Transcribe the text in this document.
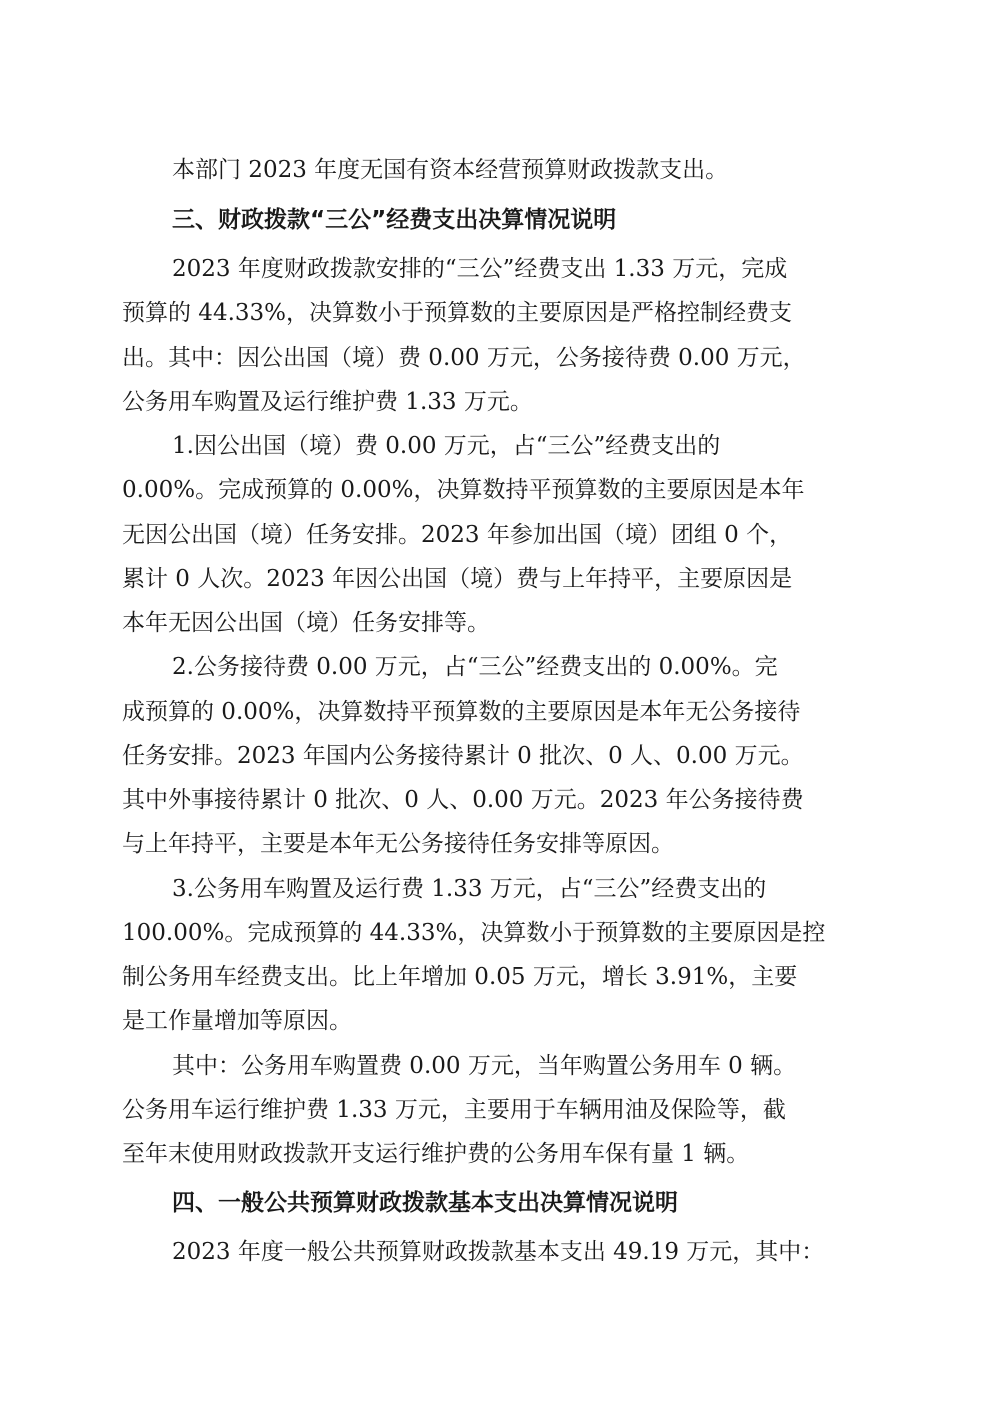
本部门 2023 年度无国有资本经营预算财政拨款支出。

三、财政拨款“三公”经费支出决算情况说明

2023 年度财政拨款安排的“三公”经费支出 1.33 万元，完成

预算的 44.33%，决算数小于预算数的主要原因是严格控制经费支

出。其中：因公出国（境）费 0.00 万元，公务接待费 0.00 万元，

公务用车购置及运行维护费 1.33 万元。

1.因公出国（境）费 0.00 万元，占“三公”经费支出的

0.00%。完成预算的 0.00%，决算数持平预算数的主要原因是本年

无因公出国（境）任务安排。2023 年参加出国（境）团组 0 个，

累计 0 人次。2023 年因公出国（境）费与上年持平，主要原因是

本年无因公出国（境）任务安排等。

2.公务接待费 0.00 万元，占“三公”经费支出的 0.00%。完

成预算的 0.00%，决算数持平预算数的主要原因是本年无公务接待

任务安排。2023 年国内公务接待累计 0 批次、0 人、0.00 万元。

其中外事接待累计 0 批次、0 人、0.00 万元。2023 年公务接待费

与上年持平，主要是本年无公务接待任务安排等原因。

3.公务用车购置及运行费 1.33 万元，占“三公”经费支出的

100.00%。完成预算的 44.33%，决算数小于预算数的主要原因是控

制公务用车经费支出。比上年增加 0.05 万元，增长 3.91%，主要

是工作量增加等原因。

其中：公务用车购置费 0.00 万元，当年购置公务用车 0 辆。

公务用车运行维护费 1.33 万元，主要用于车辆用油及保险等，截

至年末使用财政拨款开支运行维护费的公务用车保有量 1 辆。

四、一般公共预算财政拨款基本支出决算情况说明

2023 年度一般公共预算财政拨款基本支出 49.19 万元，其中：
